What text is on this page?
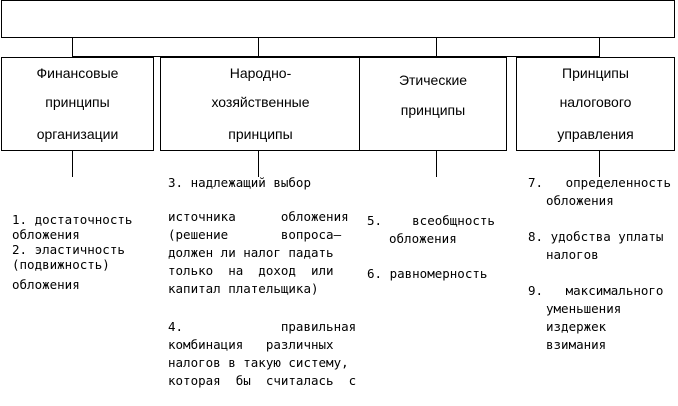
Финансовые
принципы
организации
Народно-
хозяйственные
принципы
Этические
принципы
Принципы
налогового
управления
1. достаточность
обложения
2. эластичность
(подвижность)
обложения
3. надлежащий выбор
источника      обложения
(решение       вопроса–
должен ли налог падать
только  на  доход  или
капитал плательщика)
4.             правильная
комбинация   различных
налогов в такую систему,
которая  бы  считалась  с
5.    всеобщность
обложения
6. равномерность
7.   определенность
обложения
8. удобства уплаты
налогов
9.   максимального
уменьшения
издержек
взимания
